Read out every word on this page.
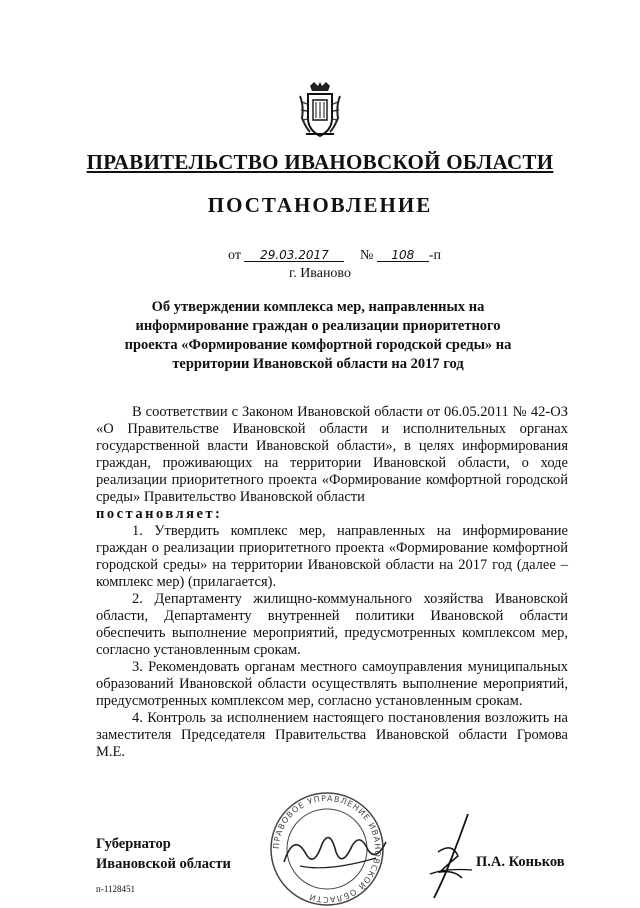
ПРАВИТЕЛЬСТВО ИВАНОВСКОЙ ОБЛАСТИ
ПОСТАНОВЛЕНИЕ
от 29.03.2017 № 108 -п
г. Иваново
Об утверждении комплекса мер, направленных на информирование граждан о реализации приоритетного проекта «Формирование комфортной городской среды» на территории Ивановской области на 2017 год

В соответствии с Законом Ивановской области от 06.05.2011 № 42-ОЗ «О Правительстве Ивановской области и исполнительных органах государственной власти Ивановской области», в целях информирования граждан, проживающих на территории Ивановской области, о ходе реализации приоритетного проекта «Формирование комфортной городской среды» Правительство Ивановской области

постановляет:

1. Утвердить комплекс мер, направленных на информирование граждан о реализации приоритетного проекта «Формирование комфортной городской среды» на территории Ивановской области на 2017 год (далее – комплекс мер) (прилагается).

2. Департаменту жилищно-коммунального хозяйства Ивановской области, Департаменту внутренней политики Ивановской области обеспечить выполнение мероприятий, предусмотренных комплексом мер, согласно установленным срокам.

3. Рекомендовать органам местного самоуправления муниципальных образований Ивановской области осуществлять выполнение мероприятий, предусмотренных комплексом мер, согласно установленным срокам.

4. Контроль за исполнением настоящего постановления возложить на заместителя Председателя Правительства Ивановской области Громова М.Е.

ПРАВОВОЕ УПРАВЛЕНИЕ ИВАНОВСКОЙ ОБЛАСТИ
Губернатор
Ивановской области	П.А. Коньков
п-1128451
